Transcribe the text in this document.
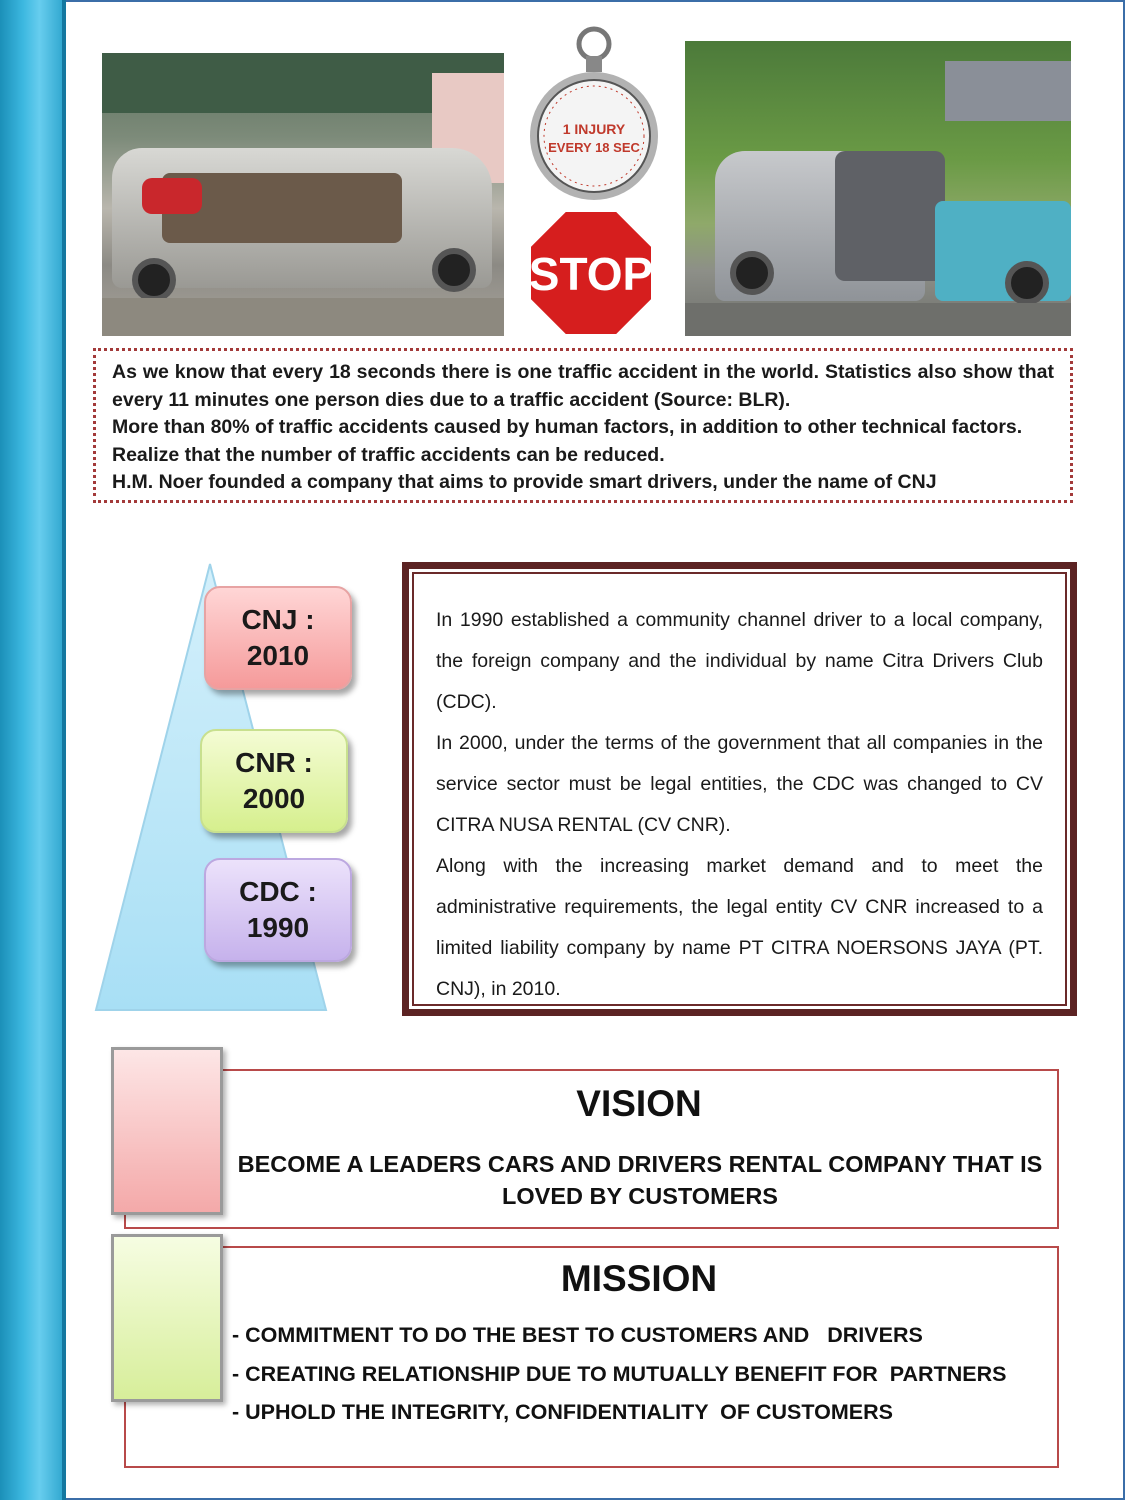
1 INJURY
EVERY 18 SEC
STOP

As we know that every 18 seconds there is one traffic accident in the world. Statistics also show that every 11 minutes one person dies due to a traffic accident (Source: BLR).

More than 80% of traffic accidents caused by human factors, in addition to other technical factors.

Realize that the number of traffic accidents can be reduced.

H.M. Noer founded a company that aims to provide smart drivers, under the name of CNJ

CNJ :
2010
CNR :
2000
CDC :
1990

In 1990 established a community channel driver to a local company, the foreign company and the individual by name Citra Drivers Club (CDC).

In 2000, under the terms of the government that all companies in the service sector must be legal entities, the CDC was changed to CV CITRA NUSA RENTAL (CV CNR).

Along with the increasing market demand and to meet the administrative requirements, the legal entity CV CNR increased to a limited liability company by name PT CITRA NOERSONS JAYA (PT. CNJ), in 2010.

VISION

BECOME A LEADERS CARS AND DRIVERS RENTAL COMPANY THAT IS LOVED BY CUSTOMERS

MISSION

- COMMITMENT TO DO THE BEST TO CUSTOMERS AND   DRIVERS

- CREATING RELATIONSHIP DUE TO MUTUALLY BENEFIT FOR  PARTNERS

- UPHOLD THE INTEGRITY, CONFIDENTIALITY  OF CUSTOMERS
